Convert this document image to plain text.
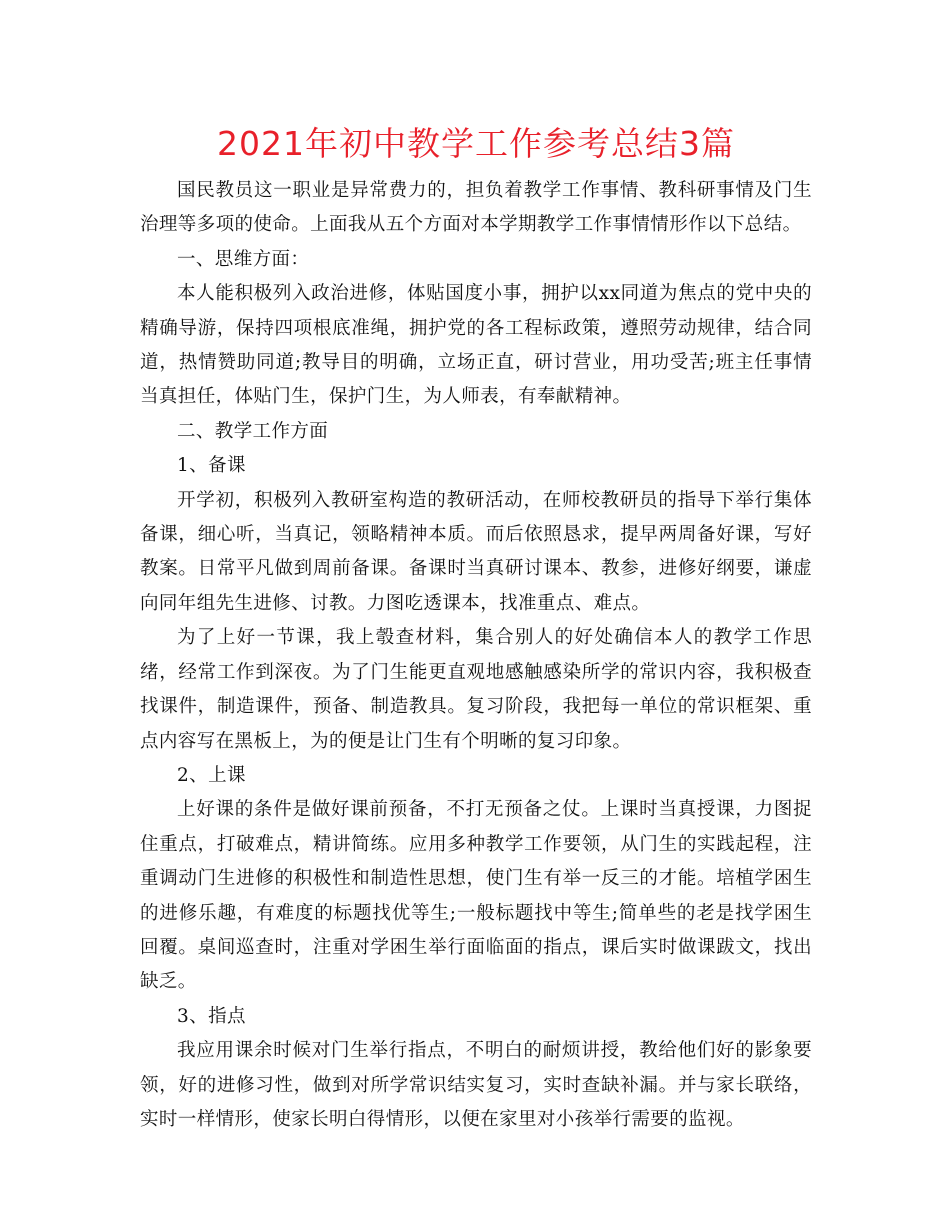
2021年初中教学工作参考总结3篇

国民教员这一职业是异常费力的，担负着教学工作事情、教科研事情及门生治理等多项的使命。上面我从五个方面对本学期教学工作事情情形作以下总结。

一、思维方面：

本人能积极列入政治进修，体贴国度小事，拥护以xx同道为焦点的党中央的精确导游，保持四项根底准绳，拥护党的各工程标政策，遵照劳动规律，结合同道，热情赞助同道;教导目的明确，立场正直，研讨营业，用功受苦;班主任事情当真担任，体贴门生，保护门生，为人师表，有奉献精神。

二、教学工作方面

1、备课

开学初，积极列入教研室构造的教研活动，在师校教研员的指导下举行集体备课，细心听，当真记，领略精神本质。而后依照恳求，提早两周备好课，写好教案。日常平凡做到周前备课。备课时当真研讨课本、教参，进修好纲要，谦虚向同年组先生进修、讨教。力图吃透课本，找准重点、难点。

为了上好一节课，我上彀查材料，集合别人的好处确信本人的教学工作思绪，经常工作到深夜。为了门生能更直观地感触感染所学的常识内容，我积极查找课件，制造课件，预备、制造教具。复习阶段，我把每一单位的常识框架、重点内容写在黑板上，为的便是让门生有个明晰的复习印象。

2、上课

上好课的条件是做好课前预备，不打无预备之仗。上课时当真授课，力图捉住重点，打破难点，精讲简练。应用多种教学工作要领，从门生的实践起程，注重调动门生进修的积极性和制造性思想，使门生有举一反三的才能。培植学困生的进修乐趣，有难度的标题找优等生;一般标题找中等生;简单些的老是找学困生回覆。桌间巡查时，注重对学困生举行面临面的指点，课后实时做课跋文，找出缺乏。

3、指点

我应用课余时候对门生举行指点，不明白的耐烦讲授，教给他们好的影象要领，好的进修习性，做到对所学常识结实复习，实时查缺补漏。并与家长联络，实时一样情形，使家长明白得情形，以便在家里对小孩举行需要的监视。
